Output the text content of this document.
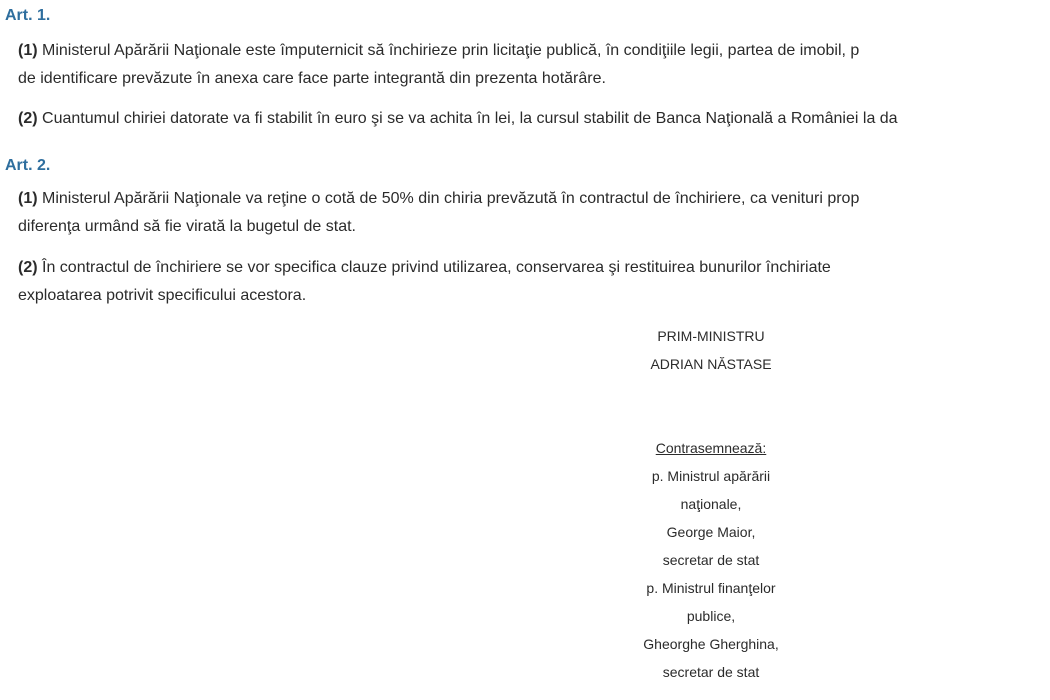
Art. 1.
(1) Ministerul Apărării Naţionale este împuternicit să închirieze prin licitaţie publică, în condiţiile legii, partea de imobil, p
de identificare prevăzute în anexa care face parte integrantă din prezenta hotărâre.
(2) Cuantumul chiriei datorate va fi stabilit în euro şi se va achita în lei, la cursul stabilit de Banca Naţională a României la da
Art. 2.
(1) Ministerul Apărării Naţionale va reţine o cotă de 50% din chiria prevăzută în contractul de închiriere, ca venituri prop
diferenţa urmând să fie virată la bugetul de stat.
(2) În contractul de închiriere se vor specifica clauze privind utilizarea, conservarea şi restituirea bunurilor închiriate
exploatarea potrivit specificului acestora.
PRIM-MINISTRU
ADRIAN NĂSTASE
Contrasemnează:
p. Ministrul apărării
naţionale,
George Maior,
secretar de stat
p. Ministrul finanţelor
publice,
Gheorghe Gherghina,
secretar de stat
